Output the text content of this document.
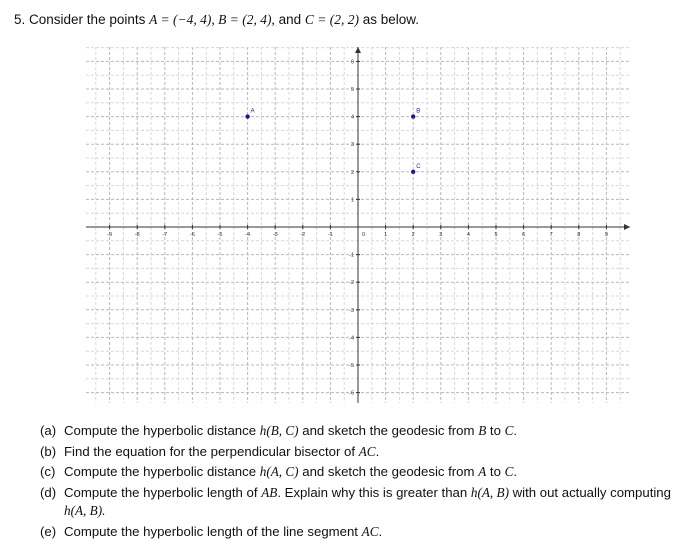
5. Consider the points A = (−4, 4), B = (2, 4), and C = (2, 2) as below.
-9	-8	-7	-6	-5	-4	-3	-2	-1	1	2	3	4	5	6	7	8	9
-6
-5
-4
-3
-2
-1
1
2
3
4
5
6
0
A	B
C
(a) Compute the hyperbolic distance h(B, C) and sketch the geodesic from B to C.
(b) Find the equation for the perpendicular bisector of AC.
(c) Compute the hyperbolic distance h(A, C) and sketch the geodesic from A to C.
(d) Compute the hyperbolic length of AB. Explain why this is greater than h(A, B) with out actually computing
h(A, B).
(e) Compute the hyperbolic length of the line segment AC.
